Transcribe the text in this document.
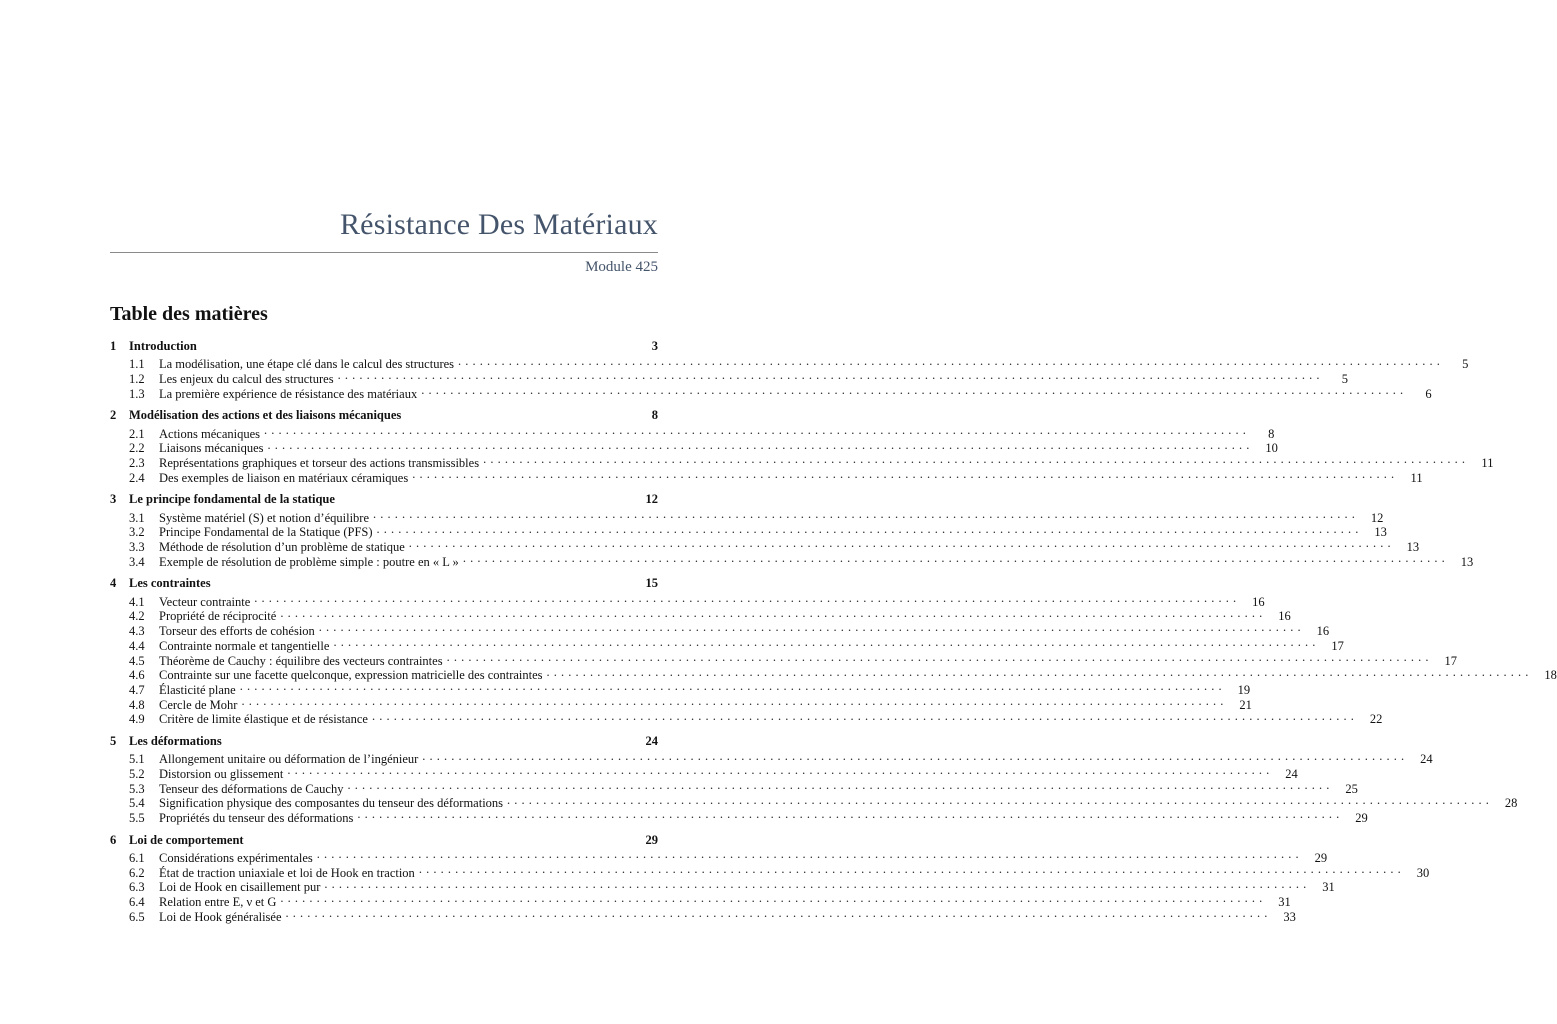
Résistance Des Matériaux
Module 425
Table des matières
1	Introduction	3
1.1	La modélisation, une étape clé dans le calcul des structures . . .	5
1.2	Les enjeux du calcul des structures . . .	5
1.3	La première expérience de résistance des matériaux . . .	6
2	Modélisation des actions et des liaisons mécaniques	8
2.1	Actions mécaniques . . .	8
2.2	Liaisons mécaniques . . .	10
2.3	Représentations graphiques et torseur des actions transmissibles . . .	11
2.4	Des exemples de liaison en matériaux céramiques . . .	11
3	Le principe fondamental de la statique	12
3.1	Système matériel (S) et notion d’équilibre . . .	12
3.2	Principe Fondamental de la Statique (PFS) . . .	13
3.3	Méthode de résolution d’un problème de statique . . .	13
3.4	Exemple de résolution de problème simple : poutre en « L » . . .	13
4	Les contraintes	15
4.1	Vecteur contrainte . . .	16
4.2	Propriété de réciprocité . . .	16
4.3	Torseur des efforts de cohésion . . .	16
4.4	Contrainte normale et tangentielle . . .	17
4.5	Théorème de Cauchy : équilibre des vecteurs contraintes . . .	17
4.6	Contrainte sur une facette quelconque, expression matricielle des contraintes . . .	18
4.7	Élasticité plane . . .	19
4.8	Cercle de Mohr . . .	21
4.9	Critère de limite élastique et de résistance . . .	22
5	Les déformations	24
5.1	Allongement unitaire ou déformation de l’ingénieur . . .	24
5.2	Distorsion ou glissement . . .	24
5.3	Tenseur des déformations de Cauchy . . .	25
5.4	Signification physique des composantes du tenseur des déformations . . .	28
5.5	Propriétés du tenseur des déformations . . .	29
6	Loi de comportement	29
6.1	Considérations expérimentales . . .	29
6.2	État de traction uniaxiale et loi de Hook en traction . . .	30
6.3	Loi de Hook en cisaillement pur . . .	31
6.4	Relation entre E, ν et G . . .	31
6.5	Loi de Hook généralisée . . .	33
